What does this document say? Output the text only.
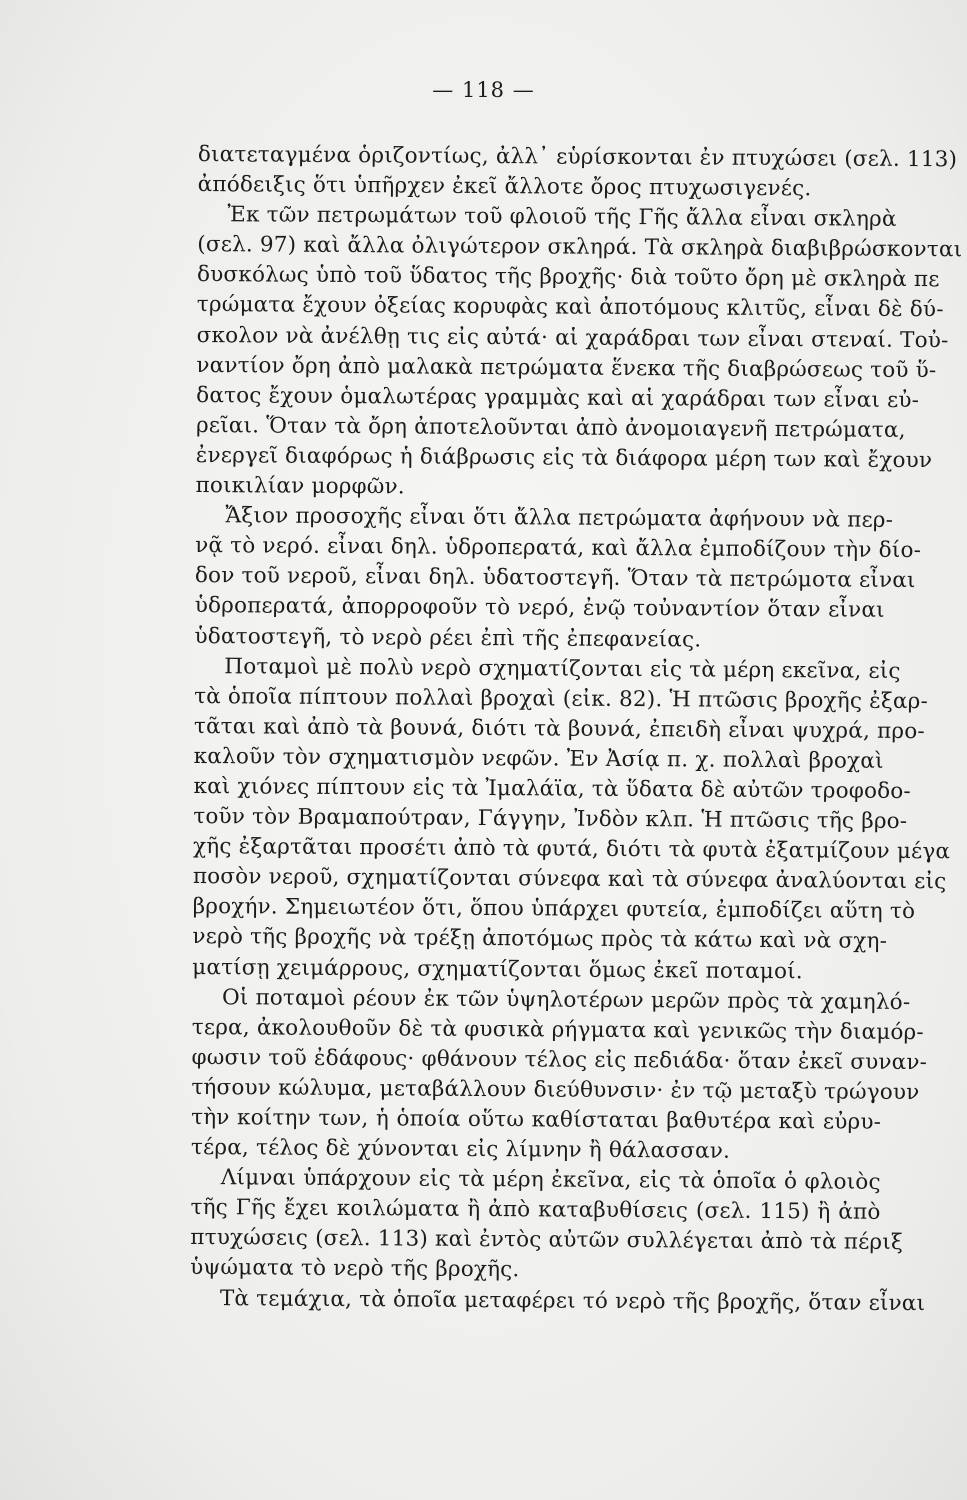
— 118 —
διατεταγμένα ὁριζοντίως, ἀλλ᾽ εὑρίσκονται ἐν πτυχώσει (σελ. 113)
ἀπόδειξις ὅτι ὑπῆρχεν ἐκεῖ ἄλλοτε ὄρος πτυχωσιγενές.
Ἐκ τῶν πετρωμάτων τοῦ φλοιοῦ τῆς Γῆς ἄλλα εἶναι σκληρὰ
(σελ. 97) καὶ ἄλλα ὀλιγώτερον σκληρά. Τὰ σκληρὰ διαβιβρώσκονται
δυσκόλως ὑπὸ τοῦ ὕδατος τῆς βροχῆς· διὰ τοῦτο ὄρη μὲ σκληρὰ πε
τρώματα ἔχουν ὀξείας κορυφὰς καὶ ἀποτόμους κλιτῦς, εἶναι δὲ δύ-
σκολον νὰ ἀνέλθῃ τις εἰς αὐτά· αἱ χαράδραι των εἶναι στεναί. Τοὐ-
ναντίον ὄρη ἀπὸ μαλακὰ πετρώματα ἕνεκα τῆς διαβρώσεως τοῦ ὕ-
δατος ἔχουν ὁμαλωτέρας γραμμὰς καὶ αἱ χαράδραι των εἶναι εὐ-
ρεῖαι. Ὅταν τὰ ὄρη ἀποτελοῦνται ἀπὸ ἀνομοιαγενῆ πετρώματα,
ἐνεργεῖ διαφόρως ἡ διάβρωσις εἰς τὰ διάφορα μέρη των καὶ ἔχουν
ποικιλίαν μορφῶν.
Ἄξιον προσοχῆς εἶναι ὅτι ἄλλα πετρώματα ἀφήνουν νὰ περ-
νᾷ τὸ νερό. εἶναι δηλ. ὑδροπερατά, καὶ ἄλλα ἐμποδίζουν τὴν δίο-
δον τοῦ νεροῦ, εἶναι δηλ. ὑδατοστεγῆ. Ὅταν τὰ πετρώμοτα εἶναι
ὑδροπερατά, ἀπορροφοῦν τὸ νερό, ἐνῷ τοὐναντίον ὅταν εἶναι
ὑδατοστεγῆ, τὸ νερὸ ρέει ἐπὶ τῆς ἐπεφανείας.
Ποταμοὶ μὲ πολὺ νερὸ σχηματίζονται εἰς τὰ μέρη εκεῖνα, εἰς
τὰ ὁποῖα πίπτουν πολλαὶ βροχαὶ (εἰκ. 82). Ἡ πτῶσις βροχῆς ἐξαρ-
τᾶται καὶ ἀπὸ τὰ βουνά, διότι τὰ βουνά, ἐπειδὴ εἶναι ψυχρά, προ-
καλοῦν τὸν σχηματισμὸν νεφῶν. Ἐν Ἀσίᾳ π. χ. πολλαὶ βροχαὶ
καὶ χιόνες πίπτουν εἰς τὰ Ἰμαλάϊα, τὰ ὕδατα δὲ αὐτῶν τροφοδο-
τοῦν τὸν Βραμαπούτραν, Γάγγην, Ἰνδὸν κλπ. Ἡ πτῶσις τῆς βρο-
χῆς ἐξαρτᾶται προσέτι ἀπὸ τὰ φυτά, διότι τὰ φυτὰ ἐξατμίζουν μέγα
ποσὸν νεροῦ, σχηματίζονται σύνεφα καὶ τὰ σύνεφα ἀναλύονται εἰς
βροχήν. Σημειωτέον ὅτι, ὅπου ὑπάρχει φυτεία, ἐμποδίζει αὕτη τὸ
νερὸ τῆς βροχῆς νὰ τρέξῃ ἀποτόμως πρὸς τὰ κάτω καὶ νὰ σχη-
ματίσῃ χειμάρρους, σχηματίζονται ὅμως ἐκεῖ ποταμοί.
Οἱ ποταμοὶ ρέουν ἐκ τῶν ὑψηλοτέρων μερῶν πρὸς τὰ χαμηλό-
τερα, ἀκολουθοῦν δὲ τὰ φυσικὰ ρήγματα καὶ γενικῶς τὴν διαμόρ-
φωσιν τοῦ ἐδάφους· φθάνουν τέλος εἰς πεδιάδα· ὅταν ἐκεῖ συναν-
τήσουν κώλυμα, μεταβάλλουν διεύθυνσιν· ἐν τῷ μεταξὺ τρώγουν
τὴν κοίτην των, ἡ ὁποία οὕτω καθίσταται βαθυτέρα καὶ εὐρυ-
τέρα, τέλος δὲ χύνονται εἰς λίμνην ἢ θάλασσαν.
Λίμναι ὑπάρχουν εἰς τὰ μέρη ἐκεῖνα, εἰς τὰ ὁποῖα ὁ φλοιὸς
τῆς Γῆς ἔχει κοιλώματα ἢ ἀπὸ καταβυθίσεις (σελ. 115) ἢ ἀπὸ
πτυχώσεις (σελ. 113) καὶ ἐντὸς αὐτῶν συλλέγεται ἀπὸ τὰ πέριξ
ὑψώματα τὸ νερὸ τῆς βροχῆς.
Τὰ τεμάχια, τὰ ὁποῖα μεταφέρει τό νερὸ τῆς βροχῆς, ὅταν εἶναι
